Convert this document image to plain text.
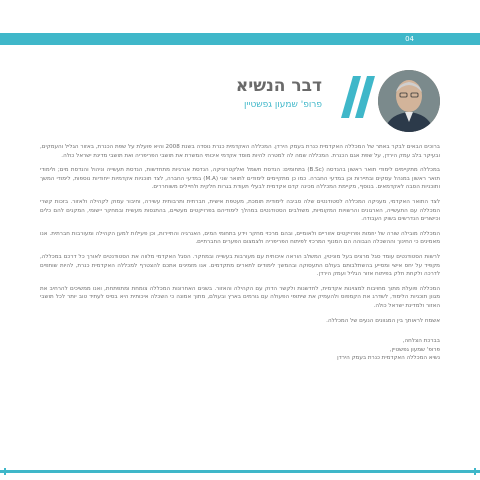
04
דבר הנשיא
פרופ' שמעון גפשטיין

ברוכים הבאים לבקר באתר של המכללה האקדמית כנרת בעמק הירדן. המכללה האקדמית כנרת נוסדה בשנת 2008 והיא פועלת על שפת הכנרת, באזור הגליל והעמקים, ובעיקר בלב עמק הירדן, על שפת אגם הכנרת. המכללה שמה לה למטרה להיות מוסד אקדמי איכותי המשרת את תושבי הפריפריה ואת תושבי מדינת ישראל כולה.

במכללה מתקיימים לימודי תואר ראשון בהנדסה (B.Sc) בתחומים: הנדסת חשמל ואלקטרוניקה, הנדסת אנרגיות מתחדשות, הנדסת תעשייה וניהול והנדסת מים; ולימודי תואר ראשון במנהל עסקים ובתיירות וכן במדעי החברה. כמו כן מתקיימים לימודים לתואר שני (M.A) במדעי החברה, לצד תוכניות אקדמיות ייחודיות נוספות, לימודי המשך ותוכניות הסבה לאקדמאים. בנוסף, מקיימת המכללה מכינה קדם אקדמית לבעלי תעודת בגרות חלקית ולחיילים משוחררים.

לצד התואר האקדמי, מעניקה המכללה לסטודנטים שלה סביבה לימודית תומכת, מעטפת אישית, חברתית ותרבותית עשירה, וחיבור עמוק לקהילה ולאזור. בזכות קשרי המכללה עם התעשייה, הארגונים והרשויות המקומיות, משולבים הסטודנטים במהלך לימודיהם בפרויקטים מעשיים, בהתנסות מעשית ובמחקר יישומי, המקנים להם כלים וכישורים הנדרשים בשוק העבודה.

המכללה מובילה שורה של יוזמות ופרויקטים אזוריים ולאומיים, ובהם מרכזי מחקר וידע בתחומי המים, האנרגיה והתיירות, וכן פעילות למען הקהילה ומעורבות חברתית. אנו מאמינים כי החינוך וההשכלה הגבוהה הם המנוף המרכזי לפיתוח הפריפריה ולצמצום הפערים החברתיים.

לרשות הסטודנטים עומד סגל מרצים בעל מוניטין, המשלב הוראה איכותית עם מעורבות בעשייה ובמחקר. הסגל האקדמי מלווה את הסטודנטים לאורך כל דרכם במכללה, מקפיד על יחס אישי ומסייע בהשתלבותם בעולם התעסוקה ובהמשך לימודים לתארים מתקדמים. אנו מזמינים אתכם להצטרף למכללה האקדמית כנרת, להיות שותפים לדרכה ולקחת חלק בפיתוח אזור הגליל ועמק הירדן.

המכללה פועלת מתוך מחויבות למצוינות אקדמית, לחדשנות ולקשר הדוק עם הקהילה והאזור. בשנים האחרונות המכללה צומחת ומתפתחת, ואנו ממשיכים להרחיב את מגוון תוכניות הלימוד, לשדרג את הקמפוס ולהעמיק את שיתופי הפעולה עם גורמים בארץ ובעולם, מתוך אמונה כי השכלה איכותית היא בסיס לעתיד טוב יותר לכל תושבי האזור ולמדינת ישראל כולה.

אשמח לראותך בין המגוונים הנעים של המכללה.

בברכת הצלחה,
פרופ' שמעון גפשטיין,
נשיא המכללה האקדמית כנרת בעמק הירדן
